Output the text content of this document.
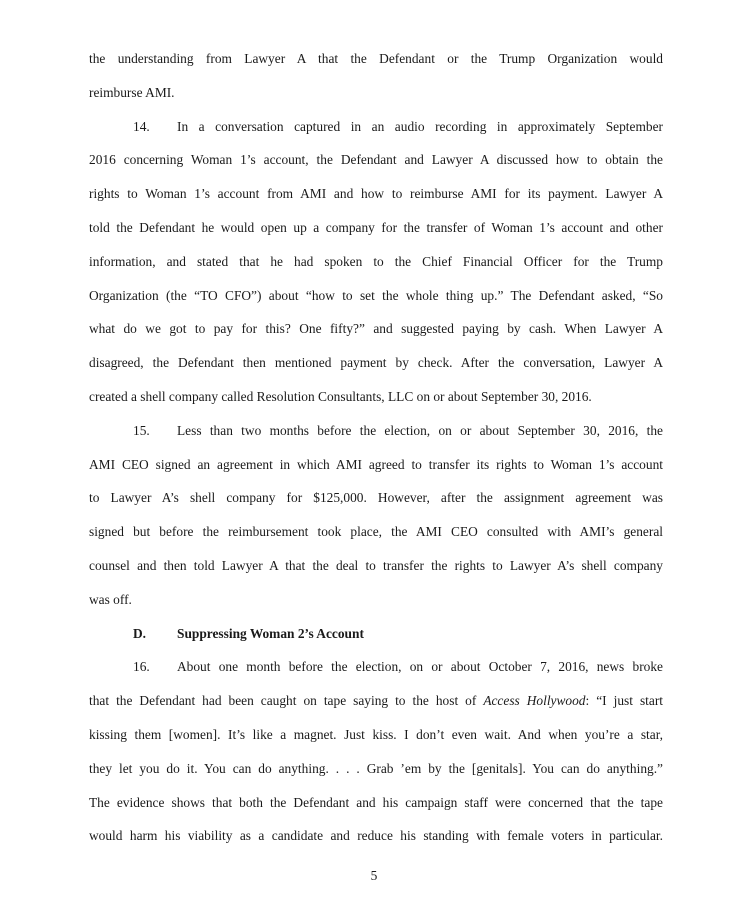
the understanding from Lawyer A that the Defendant or the Trump Organization would
reimburse AMI.
14. In a conversation captured in an audio recording in approximately September
2016 concerning Woman 1’s account, the Defendant and Lawyer A discussed how to obtain the
rights to Woman 1’s account from AMI and how to reimburse AMI for its payment. Lawyer A
told the Defendant he would open up a company for the transfer of Woman 1’s account and other
information, and stated that he had spoken to the Chief Financial Officer for the Trump
Organization (the “TO CFO”) about “how to set the whole thing up.” The Defendant asked, “So
what do we got to pay for this? One fifty?” and suggested paying by cash. When Lawyer A
disagreed, the Defendant then mentioned payment by check. After the conversation, Lawyer A
created a shell company called Resolution Consultants, LLC on or about September 30, 2016.
15. Less than two months before the election, on or about September 30, 2016, the
AMI CEO signed an agreement in which AMI agreed to transfer its rights to Woman 1’s account
to Lawyer A’s shell company for $125,000. However, after the assignment agreement was
signed but before the reimbursement took place, the AMI CEO consulted with AMI’s general
counsel and then told Lawyer A that the deal to transfer the rights to Lawyer A’s shell company
was off.
D. Suppressing Woman 2’s Account
16. About one month before the election, on or about October 7, 2016, news broke
that the Defendant had been caught on tape saying to the host of Access Hollywood: “I just start
kissing them [women]. It’s like a magnet. Just kiss. I don’t even wait. And when you’re a star,
they let you do it. You can do anything. . . . Grab ’em by the [genitals]. You can do anything.”
The evidence shows that both the Defendant and his campaign staff were concerned that the tape
would harm his viability as a candidate and reduce his standing with female voters in particular.
5
